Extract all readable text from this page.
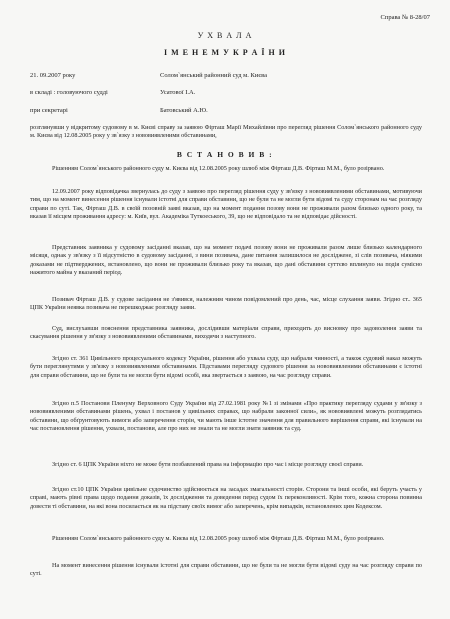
Справа № 8-28/07
У Х В А Л А
І М Е Н Е М У К Р А Ї Н И
21. 09.2007 року	Солом`янський районний суд м. Києва
в складі : головуючого судді	Усатової І.А.
при секретарі	Батовський А.Ю.

розглянувши у відкритому судовому в м. Києві справу за заявою Фірташ Марії Михайлівни про перегляд рішення Солом`янського районного суду м. Києва від 12.08.2005 року у зв`язку з нововиявленими обставинами,

В С Т А Н О В И В :

Рішенням Солом`янського районного суду м. Києва від 12.08.2005 року шлюб між Фірташ Д.В. Фірташ М.М., було розірвано.

12.09.2007 року відповідачка звернулась до суду з заявою про перегляд рішення суду у зв'язку з нововиявленими обставинами, мотивуючи тим, що на момент винесення рішення існували істотні для справи обставини, що не були та не могли бути відомі та суду сторонам на час розгляду справи по суті. Так, Фірташ Д.В. в своїй позовній заяві вказав, що на момент подання позову вони не проживали разом близько одного року, та вказав її місцем проживання адресу: м. Київ, вул. Академіка Туткоеського, 39, що не відповідало та не відповідає дійсності.

Представник заявника у судовому засіданні вказав, що на момент подачі позову вони не проживали разом лише близько календарного місяця, однак у зв'язку з її відсутністю в судовому засіданні, з вини позивача, дане питання залишилося не досліджене, зі слів позивача, ніякими доказами не підтверджених, встановлено, що вони не проживали близько року та вказав, що дані обставини суттєво вплинуло на подія сумісно нажитого майна у вказаний період.

Позивач Фірташ Д.В. у судове засідання не з'явився, належним чином повідомлений про день, час, місце слухання заяви. Згідно ст.. 365 ЦПК України неявка позивача не перешкоджає розгляду заяви.

Суд, вислухавши пояснення представника заявника, дослідивши матеріали справи, приходить до висновку про задоволення заяви та скасування рішення у зв'язку з нововиявленими обставинами, виходячи з наступного.

Згідно ст. 361 Цивільного процесуального кодексу України, рішення або ухвала суду, що набрали чинності, а також судовий наказ можуть бути переглянутими у зв'язку з нововиявленими обставинами. Підставами перегляду судового рішення за нововиявленими обставинами є істотні для справи обставини, що не були та не могли бути відомі особі, яка звертається з заявою, на час розгляду справи.

Згідно п.5 Постанови Пленуму Верховного Суду України від 27.02.1981 року №1 зі змінами «Про практику перегляду судами у зв'язку з нововиявленими обставинами рішень, ухвал і постанов у цивільних справах, що набрали законної сили», як нововиявлені можуть розглядатись обставини, що обґрунтовують вимоги або заперечення сторін, чи мають інше істотне значення для правильного вирішення справи, які існували на час постановлення рішення, ухвали, постанови, але про них не знали та не могли знати заявник та суд.

Згідно ст. 6 ЦПК України ніхто не може бути позбавлений права на інформацію про час і місце розгляду своєї справи.

Згідно ст.10 ЦПК України цивільне судочинство здійснюється на засадах змагальності сторін. Сторони та інші особи, які беруть участь у справі, мають рівні права щодо подання доказів, їх дослідження та доведення перед судом їх переконливості. Крім того, кожна сторона повинна довести ті обставини, на які вона посилається як на підставу своїх вимог або заперечень, крім випадків, встановлених цим Кодексом.

Рішенням Солом`янського районного суду м. Києва від 12.08.2005 року шлюб між Фірташ Д.В. Фірташ М.М., було розірвано.

На момент винесення рішення існували істотні для справи обставини, що не були та не могли бути відомі суду на час розгляду справи по суті.
